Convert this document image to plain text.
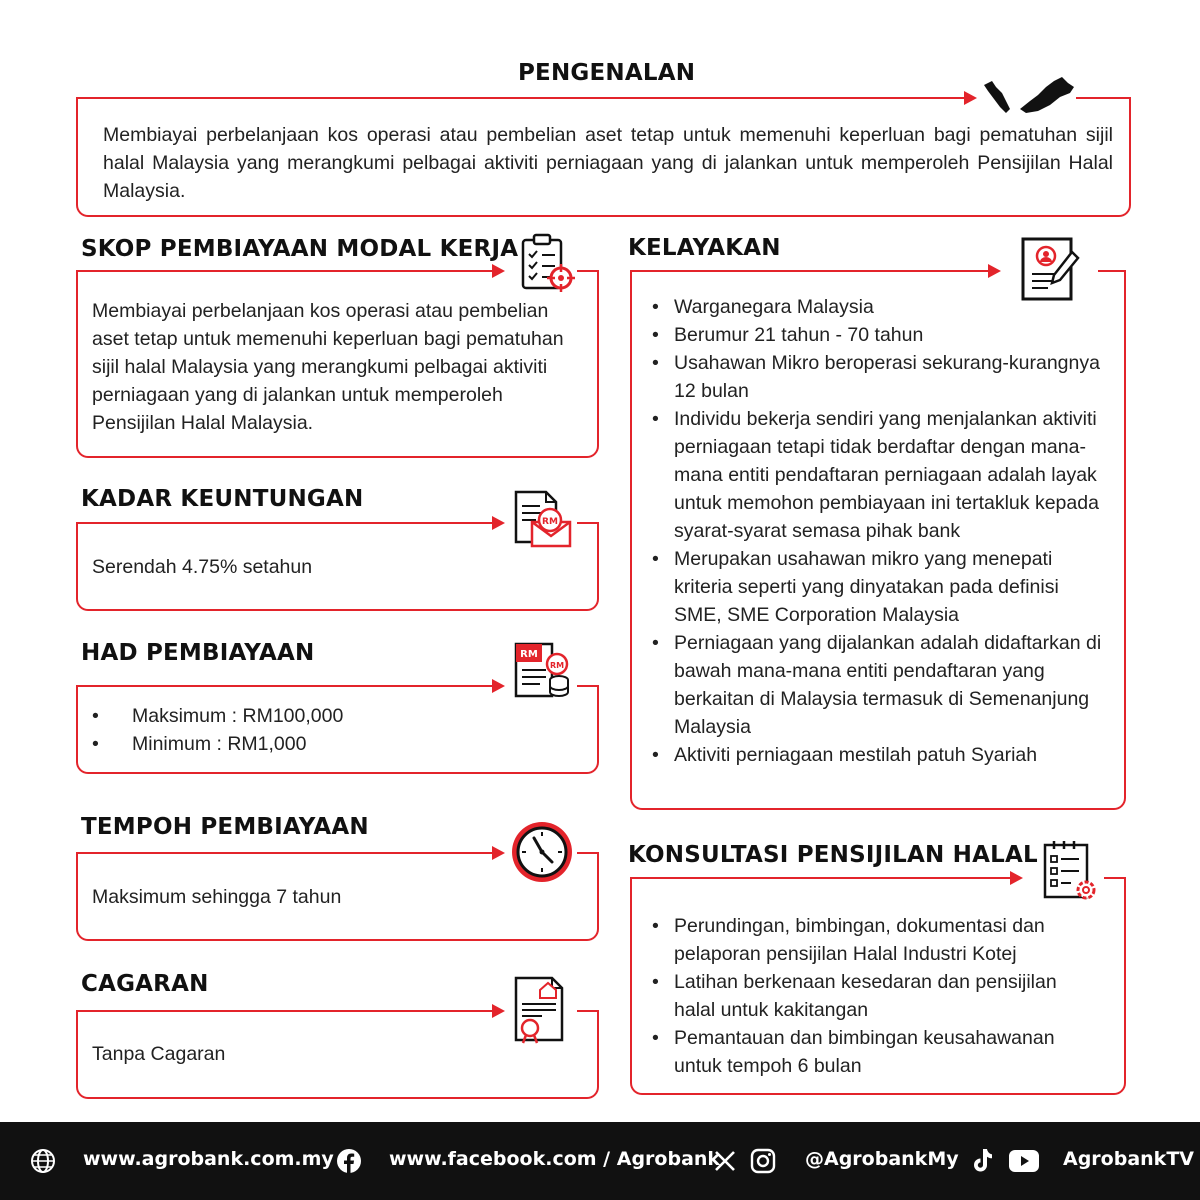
PENGENALAN
Membiayai perbelanjaan kos operasi atau pembelian aset tetap untuk memenuhi keperluan bagi pematuhan sijil halal Malaysia yang merangkumi pelbagai aktiviti perniagaan yang di jalankan untuk memperoleh Pensijilan Halal Malaysia.
SKOP PEMBIAYAAN MODAL KERJA
Membiayai perbelanjaan kos operasi atau pembelian aset tetap untuk memenuhi keperluan bagi pematuhan sijil halal Malaysia yang merangkumi pelbagai aktiviti perniagaan yang di jalankan untuk memperoleh Pensijilan Halal Malaysia.
KADAR KEUNTUNGAN
RM
Serendah 4.75% setahun
HAD PEMBIAYAAN	RM
RM
• Maksimum : RM100,000
• Minimum : RM1,000
TEMPOH PEMBIAYAAN
Maksimum sehingga 7 tahun
CAGARAN
Tanpa Cagaran
KELAYAKAN
• Warganegara Malaysia
• Berumur 21 tahun - 70 tahun
• Usahawan Mikro beroperasi sekurang-kurangnya 12 bulan
• Individu bekerja sendiri yang menjalankan aktiviti perniagaan tetapi tidak berdaftar dengan mana-mana entiti pendaftaran perniagaan adalah layak untuk memohon pembiayaan ini tertakluk kepada syarat-syarat semasa pihak bank
• Merupakan usahawan mikro yang menepati kriteria seperti yang dinyatakan pada definisi SME, SME Corporation Malaysia
• Perniagaan yang dijalankan adalah didaftarkan di bawah mana-mana entiti pendaftaran yang berkaitan di Malaysia termasuk di Semenanjung Malaysia
• Aktiviti perniagaan mestilah patuh Syariah
KONSULTASI PENSIJILAN HALAL
• Perundingan, bimbingan, dokumentasi dan pelaporan pensijilan Halal Industri Kotej
• Latihan berkenaan kesedaran dan pensijilan halal untuk kakitangan
• Pemantauan dan bimbingan keusahawanan untuk tempoh 6 bulan
www.agrobank.com.my	www.facebook.com / Agrobank	@AgrobankMy	AgrobankTV
